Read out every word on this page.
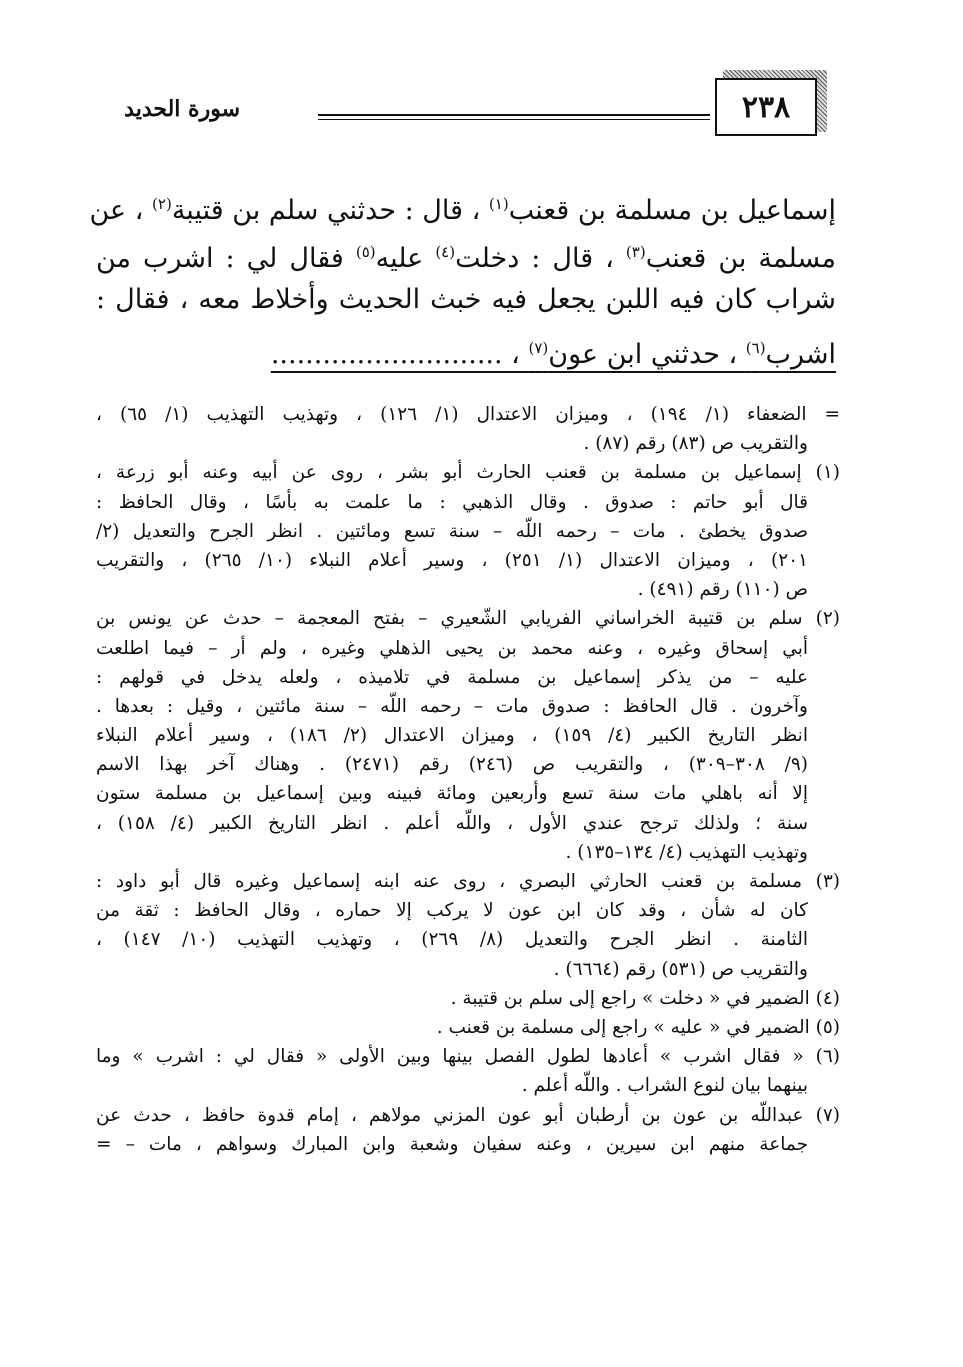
٢٣٨
سورة الحديد
إسماعيل بن مسلمة بن قعنب$^{(١)}$ ، قال : حدثني سلم بن قتيبة$^{(٢)}$ ، عن
مسلمة بن قعنب$^{(٣)}$ ، قال : دخلت$^{(٤)}$ عليه$^{(٥)}$ فقال لي : اشرب من
شراب كان فيه اللبن يجعل فيه خبث الحديث وأخلاط معه ، فقال :
اشرب$^{(٦)}$ ، حدثني ابن عون$^{(٧)}$ ، ...........................
= الضعفاء (١/ ١٩٤) ، وميزان الاعتدال (١/ ١٢٦) ، وتهذيب التهذيب (١/ ٦٥) ،
والتقريب ص (٨٣) رقم (٨٧) .
(١) إسماعيل بن مسلمة بن قعنب الحارث أبو بشر ، روى عن أبيه وعنه أبو زرعة ،
قال أبو حاتم : صدوق . وقال الذهبي : ما علمت به بأسًا ، وقال الحافظ :
صدوق يخطئ . مات – رحمه اللّه – سنة تسع ومائتين . انظر الجرح والتعديل (٢/
٢٠١) ، وميزان الاعتدال (١/ ٢٥١) ، وسير أعلام النبلاء (١٠/ ٢٦٥) ، والتقريب
ص (١١٠) رقم (٤٩١) .
(٢) سلم بن قتيبة الخراساني الفريابي الشّعيري – بفتح المعجمة – حدث عن يونس بن
أبي إسحاق وغيره ، وعنه محمد بن يحيى الذهلي وغيره ، ولم أر – فيما اطلعت
عليه – من يذكر إسماعيل بن مسلمة في تلاميذه ، ولعله يدخل في قولهم :
وآخرون . قال الحافظ : صدوق مات – رحمه اللّه – سنة مائتين ، وقيل : بعدها .
انظر التاريخ الكبير (٤/ ١٥٩) ، وميزان الاعتدال (٢/ ١٨٦) ، وسير أعلام النبلاء
(٩/ ٣٠٨–٣٠٩) ، والتقريب ص (٢٤٦) رقم (٢٤٧١) . وهناك آخر بهذا الاسم
إلا أنه باهلي مات سنة تسع وأربعين ومائة فبينه وبين إسماعيل بن مسلمة ستون
سنة ؛ ولذلك ترجح عندي الأول ، واللّه أعلم . انظر التاريخ الكبير (٤/ ١٥٨) ،
وتهذيب التهذيب (٤/ ١٣٤–١٣٥) .
(٣) مسلمة بن قعنب الحارثي البصري ، روى عنه ابنه إسماعيل وغيره قال أبو داود :
كان له شأن ، وقد كان ابن عون لا يركب إلا حماره ، وقال الحافظ : ثقة من
الثامنة . انظر الجرح والتعديل (٨/ ٢٦٩) ، وتهذيب التهذيب (١٠/ ١٤٧) ،
والتقريب ص (٥٣١) رقم (٦٦٦٤) .
(٤) الضمير في « دخلت » راجع إلى سلم بن قتيبة .
(٥) الضمير في « عليه » راجع إلى مسلمة بن قعنب .
(٦) « فقال اشرب » أعادها لطول الفصل بينها وبين الأولى « فقال لي : اشرب » وما
بينهما بيان لنوع الشراب . واللّه أعلم .
(٧) عبداللّه بن عون بن أرطبان أبو عون المزني مولاهم ، إمام قدوة حافظ ، حدث عن
جماعة منهم ابن سيرين ، وعنه سفيان وشعبة وابن المبارك وسواهم ، مات – =
